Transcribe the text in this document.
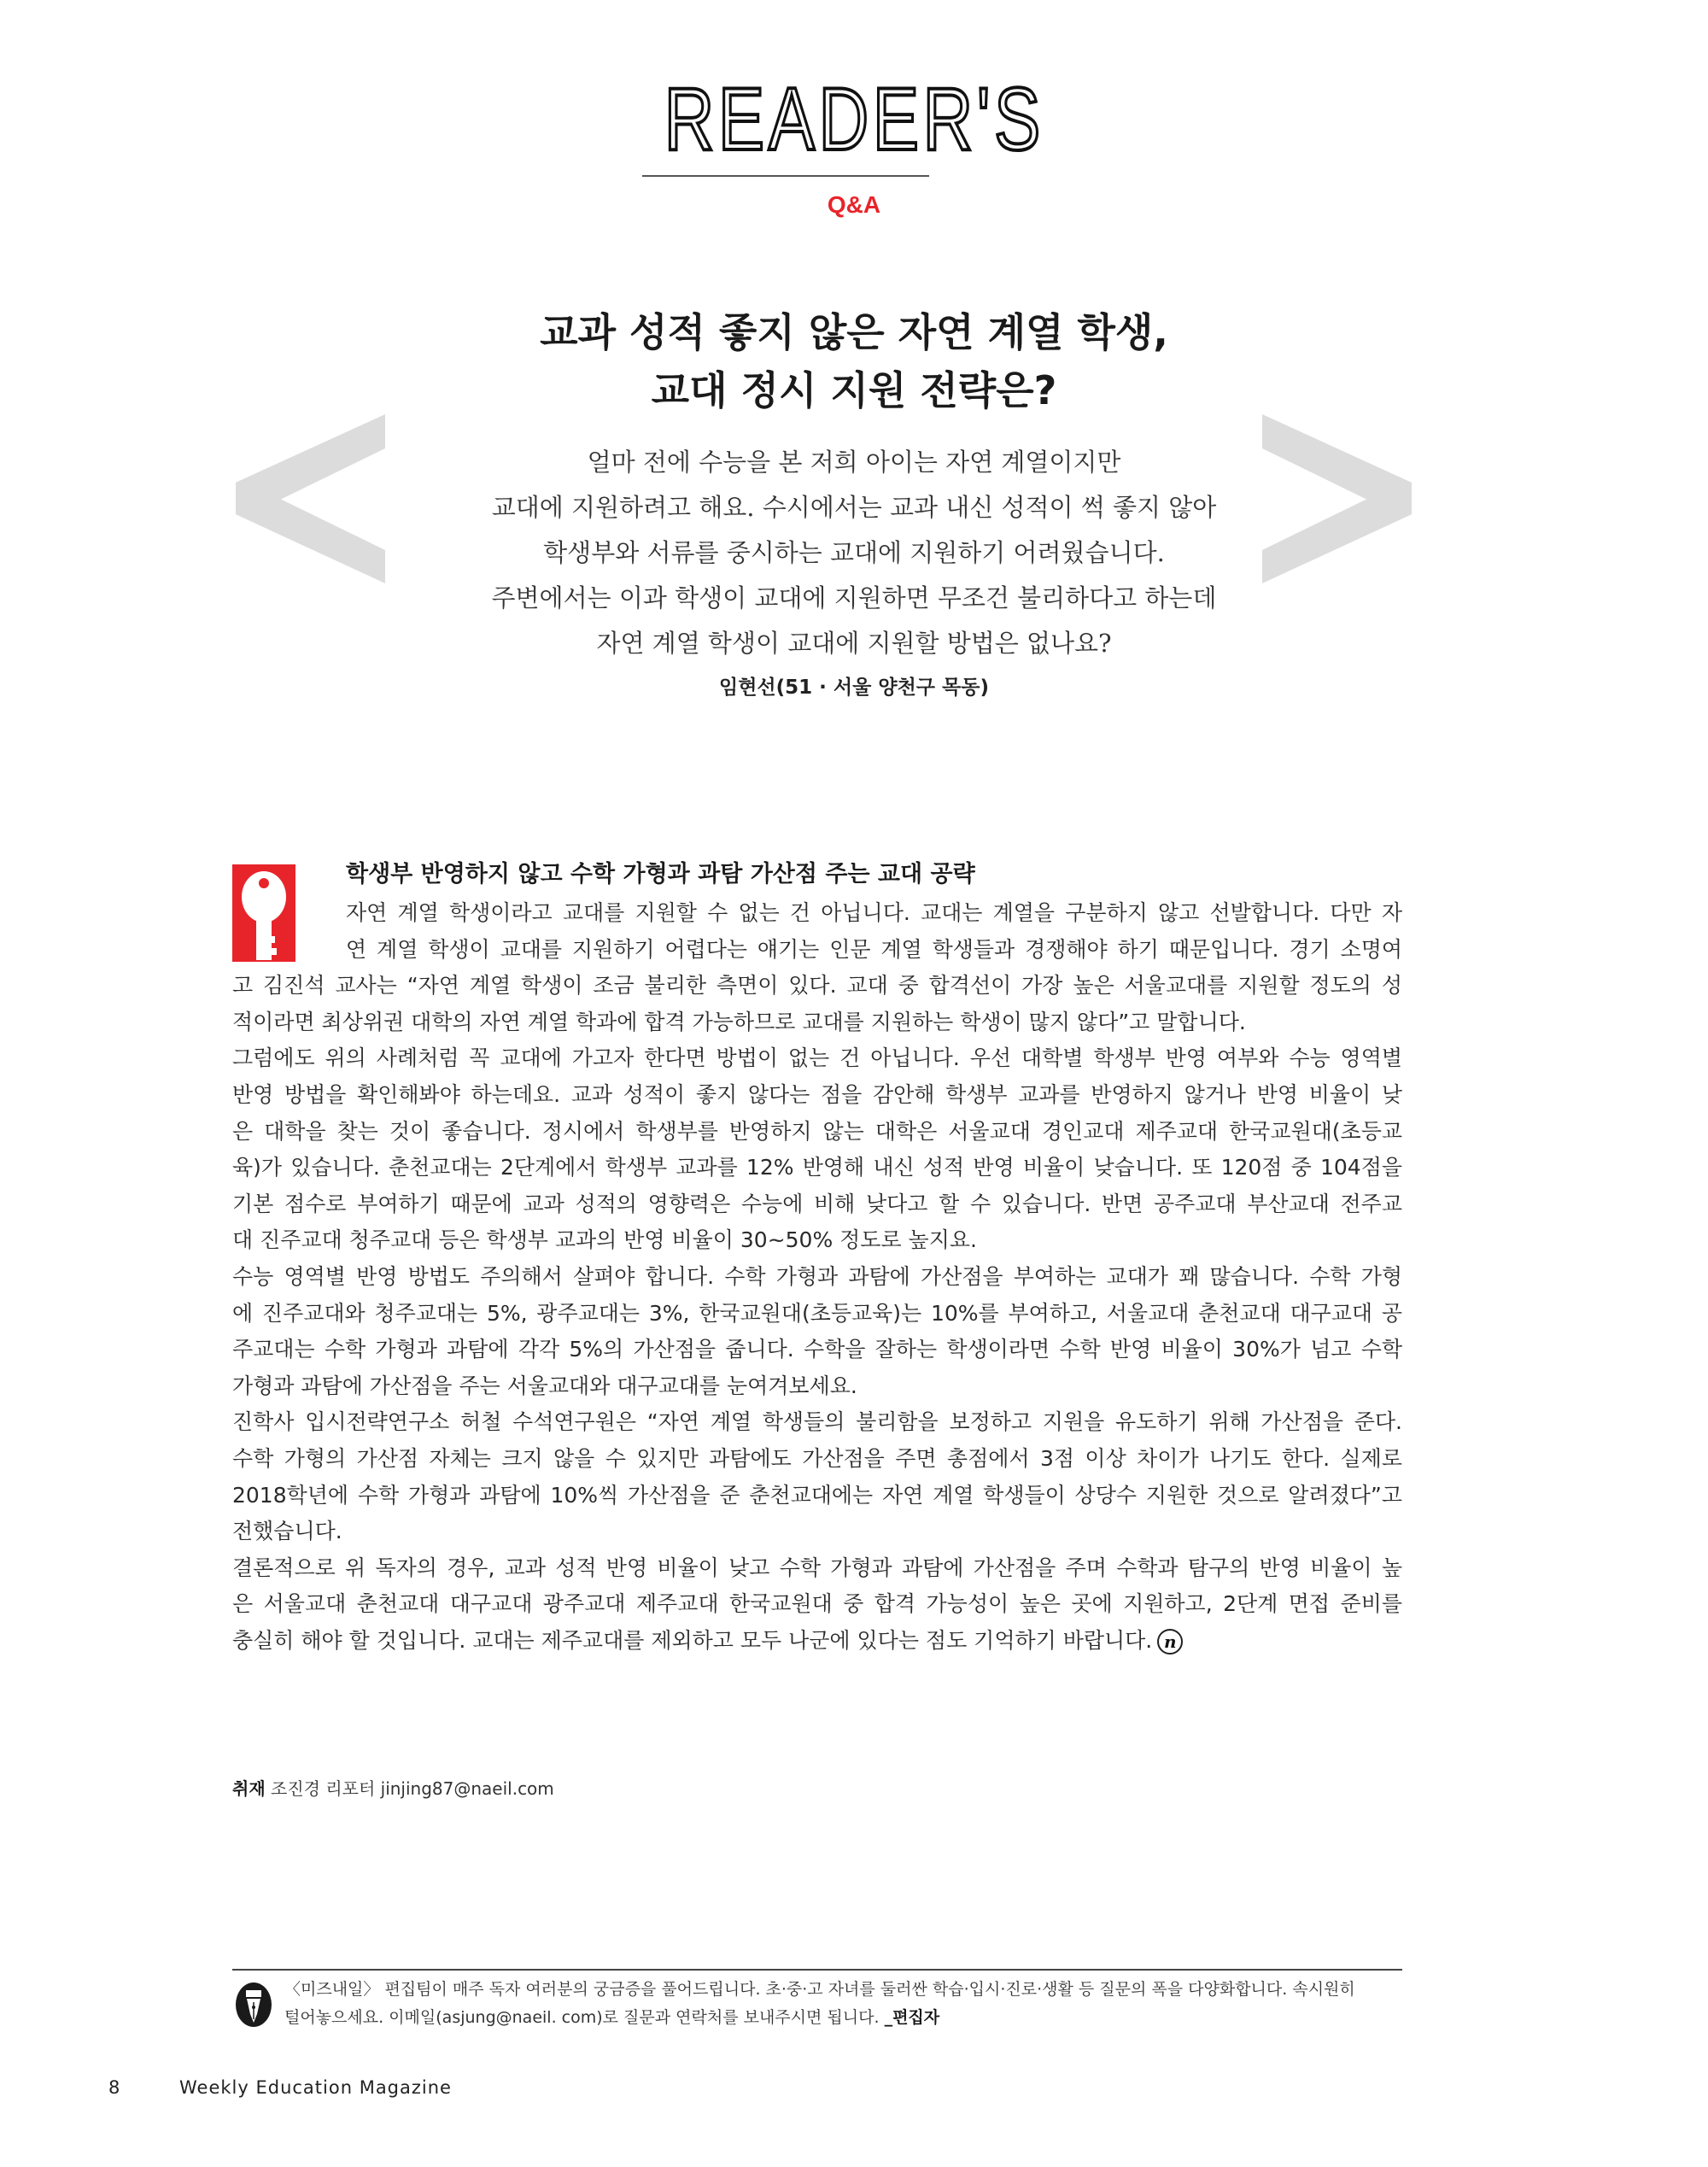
READER'S
Q&A
교과 성적 좋지 않은 자연 계열 학생,
교대 정시 지원 전략은?
얼마 전에 수능을 본 저희 아이는 자연 계열이지만
교대에 지원하려고 해요. 수시에서는 교과 내신 성적이 썩 좋지 않아
학생부와 서류를 중시하는 교대에 지원하기 어려웠습니다.
주변에서는 이과 학생이 교대에 지원하면 무조건 불리하다고 하는데
자연 계열 학생이 교대에 지원할 방법은 없나요?
임현선(51 · 서울 양천구 목동)
학생부 반영하지 않고 수학 가형과 과탐 가산점 주는 교대 공략
자연 계열 학생이라고 교대를 지원할 수 없는 건 아닙니다. 교대는 계열을 구분하지 않고 선발합니다. 다만 자
연 계열 학생이 교대를 지원하기 어렵다는 얘기는 인문 계열 학생들과 경쟁해야 하기 때문입니다. 경기 소명여
고 김진석 교사는 “자연 계열 학생이 조금 불리한 측면이 있다. 교대 중 합격선이 가장 높은 서울교대를 지원할 정도의 성
적이라면 최상위권 대학의 자연 계열 학과에 합격 가능하므로 교대를 지원하는 학생이 많지 않다”고 말합니다.
그럼에도 위의 사례처럼 꼭 교대에 가고자 한다면 방법이 없는 건 아닙니다. 우선 대학별 학생부 반영 여부와 수능 영역별
반영 방법을 확인해봐야 하는데요. 교과 성적이 좋지 않다는 점을 감안해 학생부 교과를 반영하지 않거나 반영 비율이 낮
은 대학을 찾는 것이 좋습니다. 정시에서 학생부를 반영하지 않는 대학은 서울교대 경인교대 제주교대 한국교원대(초등교
육)가 있습니다. 춘천교대는 2단계에서 학생부 교과를 12% 반영해 내신 성적 반영 비율이 낮습니다. 또 120점 중 104점을
기본 점수로 부여하기 때문에 교과 성적의 영향력은 수능에 비해 낮다고 할 수 있습니다. 반면 공주교대 부산교대 전주교
대 진주교대 청주교대 등은 학생부 교과의 반영 비율이 30~50% 정도로 높지요.
수능 영역별 반영 방법도 주의해서 살펴야 합니다. 수학 가형과 과탐에 가산점을 부여하는 교대가 꽤 많습니다. 수학 가형
에 진주교대와 청주교대는 5%, 광주교대는 3%, 한국교원대(초등교육)는 10%를 부여하고, 서울교대 춘천교대 대구교대 공
주교대는 수학 가형과 과탐에 각각 5%의 가산점을 줍니다. 수학을 잘하는 학생이라면 수학 반영 비율이 30%가 넘고 수학
가형과 과탐에 가산점을 주는 서울교대와 대구교대를 눈여겨보세요.
진학사 입시전략연구소 허철 수석연구원은 “자연 계열 학생들의 불리함을 보정하고 지원을 유도하기 위해 가산점을 준다.
수학 가형의 가산점 자체는 크지 않을 수 있지만 과탐에도 가산점을 주면 총점에서 3점 이상 차이가 나기도 한다. 실제로
2018학년에 수학 가형과 과탐에 10%씩 가산점을 준 춘천교대에는 자연 계열 학생들이 상당수 지원한 것으로 알려졌다”고
전했습니다.
결론적으로 위 독자의 경우, 교과 성적 반영 비율이 낮고 수학 가형과 과탐에 가산점을 주며 수학과 탐구의 반영 비율이 높
은 서울교대 춘천교대 대구교대 광주교대 제주교대 한국교원대 중 합격 가능성이 높은 곳에 지원하고, 2단계 면접 준비를
충실히 해야 할 것입니다. 교대는 제주교대를 제외하고 모두 나군에 있다는 점도 기억하기 바랍니다. n
취재 조진경 리포터 jinjing87@naeil.com
〈미즈내일〉 편집팀이 매주 독자 여러분의 궁금증을 풀어드립니다. 초·중·고 자녀를 둘러싼 학습·입시·진로·생활 등 질문의 폭을 다양화합니다. 속시원히
털어놓으세요. 이메일(asjung@naeil. com)로 질문과 연락처를 보내주시면 됩니다. _편집자
8	Weekly Education Magazine
